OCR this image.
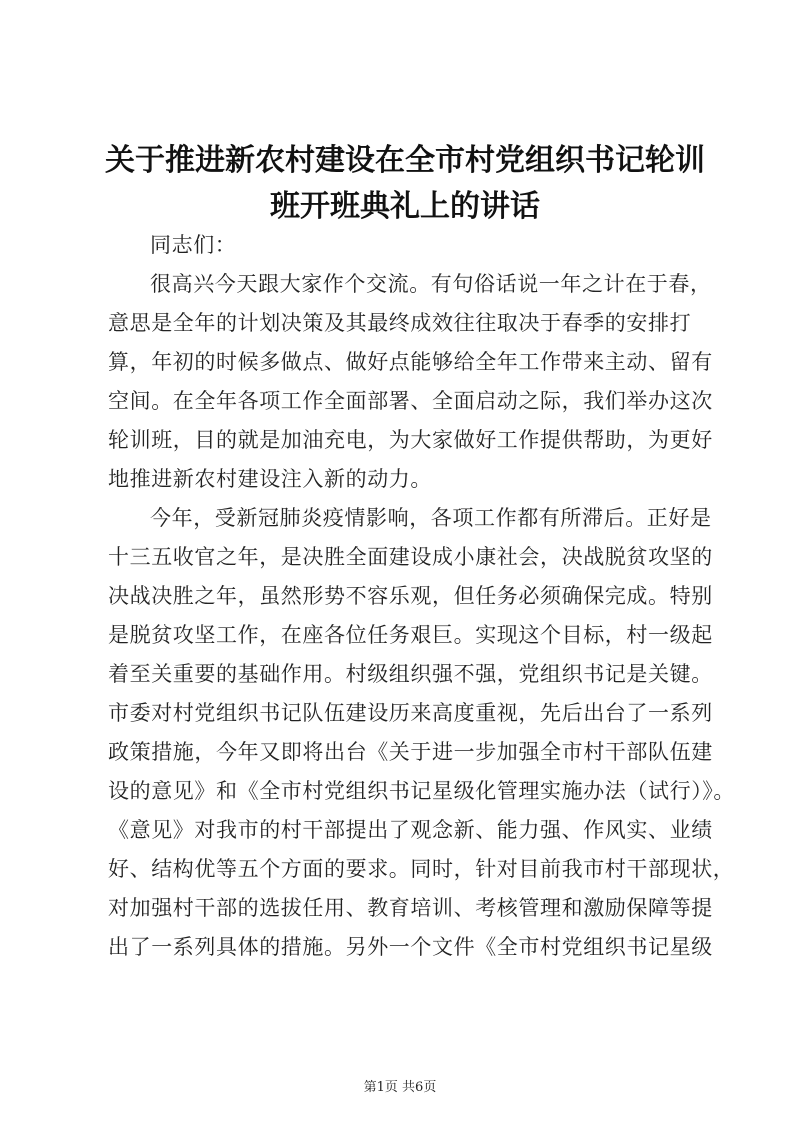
关于推进新农村建设在全市村党组织书记轮训
班开班典礼上的讲话
同志们：
很高兴今天跟大家作个交流。有句俗话说一年之计在于春，
意思是全年的计划决策及其最终成效往往取决于春季的安排打
算，年初的时候多做点、做好点能够给全年工作带来主动、留有
空间。在全年各项工作全面部署、全面启动之际，我们举办这次
轮训班，目的就是加油充电，为大家做好工作提供帮助，为更好
地推进新农村建设注入新的动力。
今年，受新冠肺炎疫情影响，各项工作都有所滞后。正好是
十三五收官之年，是决胜全面建设成小康社会，决战脱贫攻坚的
决战决胜之年，虽然形势不容乐观，但任务必须确保完成。特别
是脱贫攻坚工作，在座各位任务艰巨。实现这个目标，村一级起
着至关重要的基础作用。村级组织强不强，党组织书记是关键。
市委对村党组织书记队伍建设历来高度重视，先后出台了一系列
政策措施，今年又即将出台《关于进一步加强全市村干部队伍建
设的意见》和《全市村党组织书记星级化管理实施办法（试行）》。
《意见》对我市的村干部提出了观念新、能力强、作风实、业绩
好、结构优等五个方面的要求。同时，针对目前我市村干部现状，
对加强村干部的选拔任用、教育培训、考核管理和激励保障等提
出了一系列具体的措施。另外一个文件《全市村党组织书记星级
第1页 共6页
